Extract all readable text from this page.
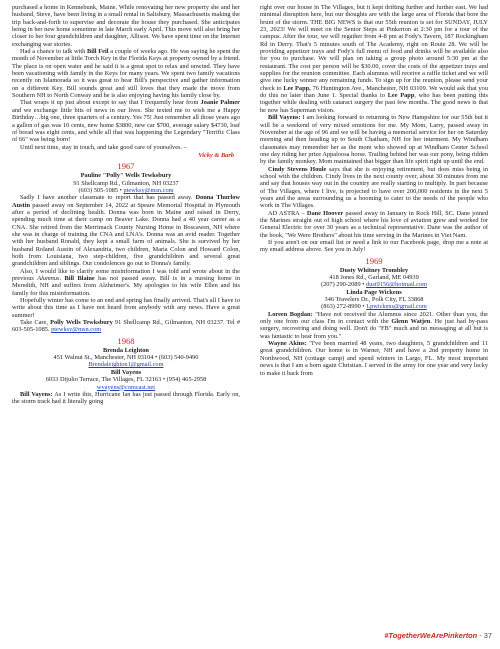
purchased a home in Kennebunk, Maine. While renovating her new property she and her husband, Steve, have been living in a small rental in Salisbury, Massachusetts making the trip back-and-forth to supervise and decorate the house they purchased. She anticipates being in her new home sometime in late March early April. This move will also bring her closer to her four grandchildren and daughter, Allison. We have spent time on the Internet exchanging war stories.

Had a chance to talk with Bill Feil a couple of weeks ago. He was saying he spent the month of November at little Torch Key in the Florida Keys at property owned by a friend. The place is on open water and he said it is a great spot to relax and unwind. They have been vacationing with family in the Keys for many years. We spent two family vacations recently on Islamorada so it was great to hear Bill's perspective and gather information on a different Key. Bill sounds great and still loves that they made the move from Southern NH to North Conway and he is also enjoying having his family close by.

That wraps it up just about except to say that I frequently hear from Joanie Palmer and we exchange little bits of news in our lives. She texted me to wish me a Happy Birthday…big one, three quarters of a century. Yes 75! Just remember all those years ago a gallon of gas was 10 cents, new home $3800, new car $700, average salary $4730, loaf of bread was eight cents, and while all that was happening the Legendary "Terrific Class of 66" was being born!

Until next time, stay in touch, and take good care of yourselves. –

Vicky & Barb
1967
Pauline "Polly" Wells Tewksbury
91 Shellcamp Rd., Gilmanton, NH 03237
(603) 505-1085 • ptewksy@msn.com

Sadly I have another classmate to report that has passed away. Donna Thurlow Austin passed away on September 14, 2022 at Speare Memorial Hospital in Plymouth after a period of declining health. Donna was born in Maine and raised in Derry, spending much time at their camp on Beaver Lake. Donna had a 40 year career as a CNA. She retired from the Merrimack County Nursing Home in Boscawen, NH where she was in charge of training the CNA and LNA's. Donna was an avid reader. Together with her husband Ronald, they kept a small farm of animals. She is survived by her husband Roland Austin of Alexandria, two children, Maria Colon and Howard Colon, both from Louisiana, two step-children, five grandchildren and several great grandchildren and siblings. Our condolences go out to Donna's family.

Also, I would like to clarify some misinformation I was told and wrote about in the previous Alumnus. Bill Blaine has not passed away. Bill is in a nursing home in Meredith, NH and suffers from Alzheimer's. My apologies to his wife Ellen and his family for this misinformation.

Hopefully winter has come to an end and spring has finally arrived. That's all I have to write about this time as I have not heard from anybody with any news. Have a great summer!

Take Care, Polly Wells Tewksbury 91 Shellcamp Rd., Gilmanton, NH 03237. Tel # 603-505-1085. ptewksy@msn.com

1968
Brenda Leighton
451 Walnut St., Manchester, NH 03104 • (603) 540-9490
Brendaleighton1@gmail.com
Bill Vayens
6033 Dijulio Terrace, The Villages, FL 32163 • (954) 465-2958
wvayens@comcast.net

Bill Vayens: As I write this, Hurricane Ian has just passed through Florida. Early on, the storm track had it literally going

right over our house in The Villages, but it kept drifting further and further east. We had minimal disruption here, but our thoughts are with the large area of Florida that bore the brunt of the storm. THE BIG NEWS is that our 55th reunion is set for SUNDAY, JULY 23, 2023! We will meet on the Senior Steps at Pinkerton at 2:30 pm for a tour of the campus. After the tour, we will regather from 4-8 pm at Fody's Tavern, 187 Rockingham Rd in Derry. That's 5 minutes south of The Academy, right on Route 28. We will be providing appetizer trays and Fody's full menu of food and drinks will be available also for you to purchase. We will plan on taking a group photo around 5:30 pm at the restaurant. The cost per person will be $30.00, cover the costs of the appetizer trays and supplies for the reunion committee. Each alumnus will receive a raffle ticket and we will give one lucky winner any remaining funds. To sign up for the reunion, please send your check to Lee Papp, 76 Huntington Ave., Manchester, NH 03109. We would ask that you do this no later than June 1. Special thanks to Lee Papp, who has been putting this together while dealing with cataract surgery the past few months. The good news is that he now has Superman vision.

Bill Vayens: I am looking forward to returning to New Hampshire for our 55th but it will be a weekend of very mixed emotions for me. My Mom, Larry, passed away in November at the age of 96 and we will be having a memorial service for her on Saturday morning and then heading up to South Chatham, NH for her interment. My Windham classmates may remember her as the mom who showed up at Windham Center School one day riding her prize Appaloosa horse. Trailing behind her was our pony, being ridden by the family monkey. Mom maintained that bigger than life spirit right up until the end.

Cindy Stevens Houle says that she is enjoying retirement, but does miss being in school with the children. Cindy lives in the next county over, about 30 minutes from me and say that houses way out in the country are really starting to multiply. In part because of The Villages, where I live, is projected to have over 200,000 residents in the next 5 years and the areas surrounding us a booming to cater to the needs of the people who work in The Villages.

AD ASTRA – Dane Hoover passed away in January in Rock Hill, SC. Dane joined the Marines straight out of high school where his love of aviation grew and worked for General Electric for over 30 years as a technical representative. Dane was the author of the book, "We Were Brothers" about his time serving in the Marines in Viet Nam.

If you aren't on our email list or need a link to our Facebook page, drop me a note at my email address above. See you in July!

1969
Dusty Whitney Trombley
418 Jones Rd., Garland, ME 04939
(207) 290-2089 • dust9156@hotmail.com
Linda Page Wickens
346 Travelers Dr., Polk City, FL 33868
(863) 272-8990 • Lpwickens@gmail.com

Loreen Bogdan: "Have not received the Alumnus since 2021. Other than you, the only one from our class I'm in contact with the Glenn Watjen. He just had by-pass surgery, recovering and doing well. Don't do "FB" much and no messaging at all but is was fantastic to hear from you."

Wayne Akins: "I've been married 48 years, two daughters, 5 grandchildren and 11 great grandchildren. Our home is in Warner, NH and have a 2nd property home in Northwood, NH (cottage camp) and spend winters in Largo, FL. My most important news is that I am a born again Christian. I served in the army for one year and very lucky to make it back from

#TogetherWeArePinkerton - 37
